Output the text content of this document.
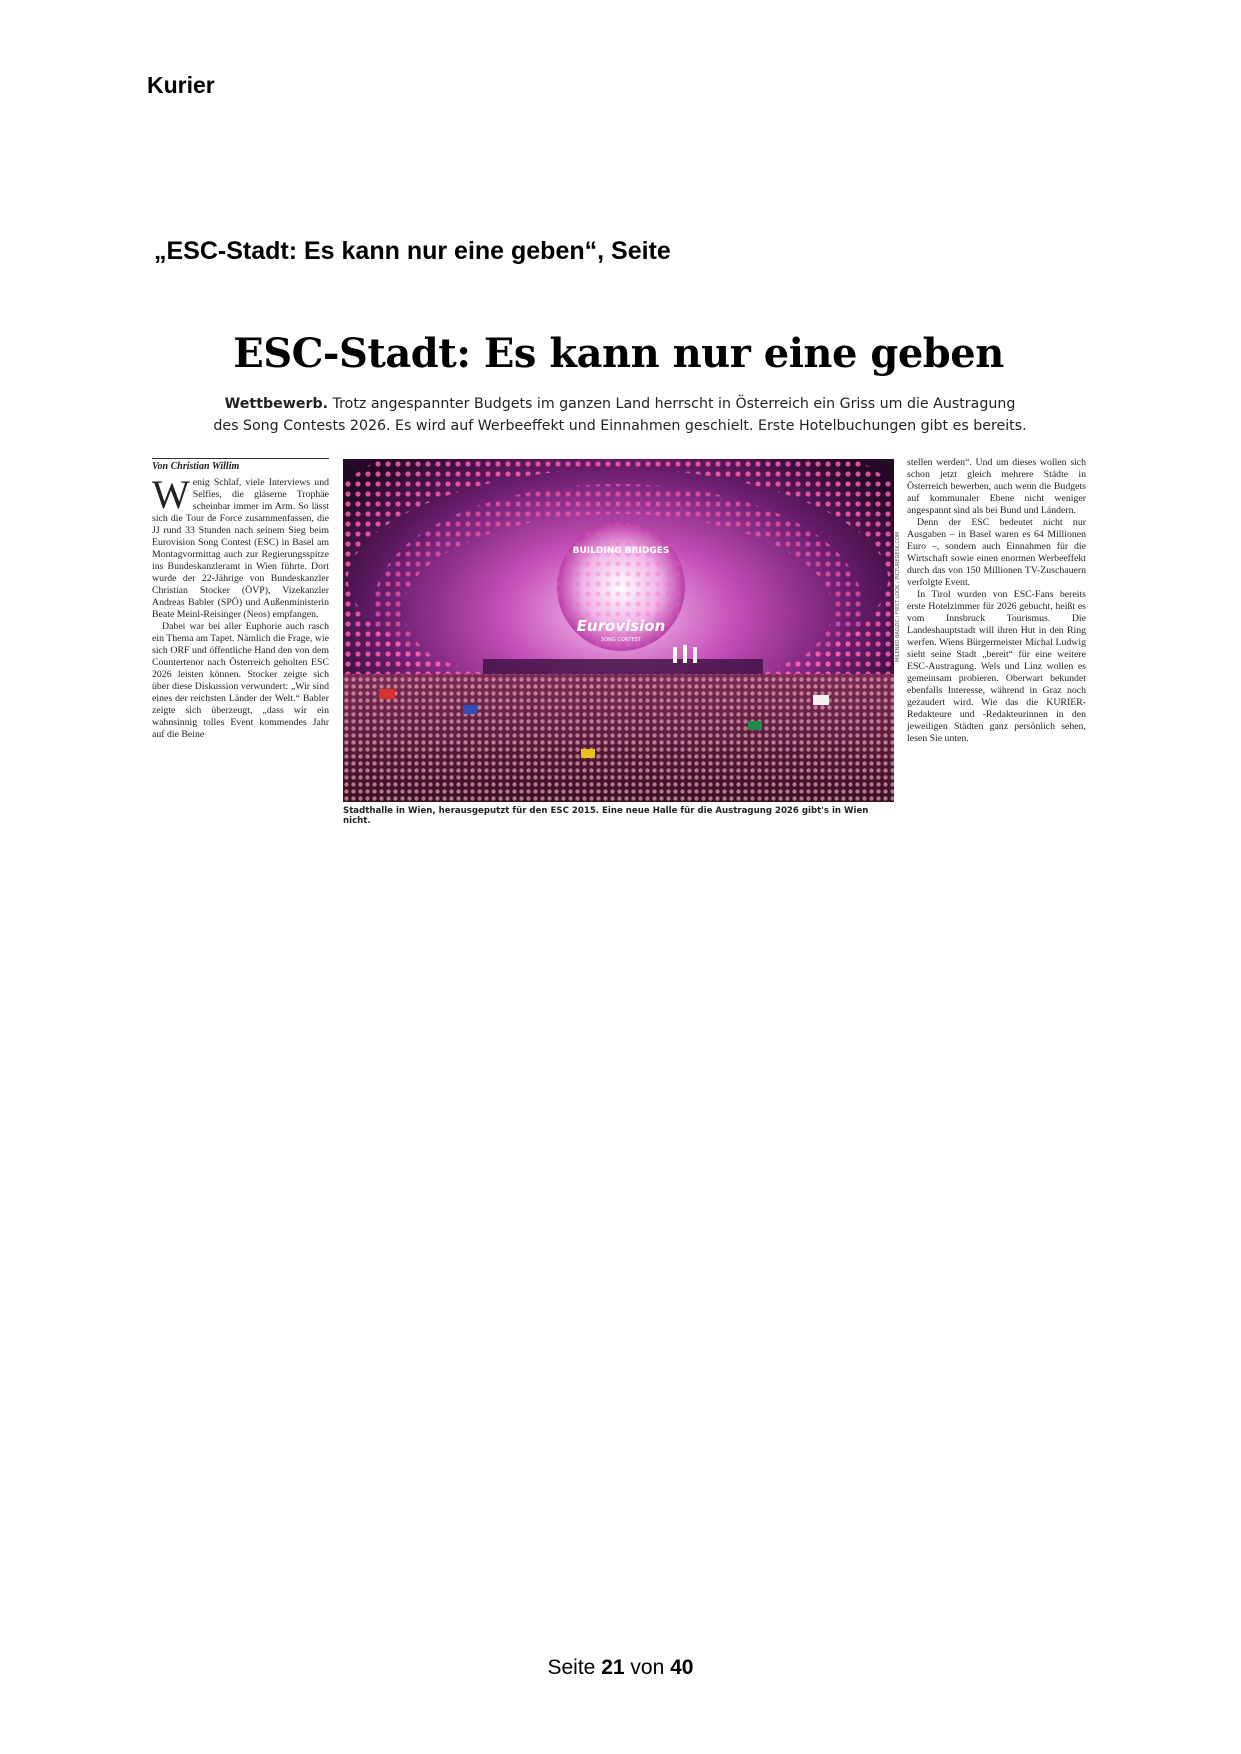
Kurier
„ESC-Stadt: Es kann nur eine geben“, Seite
ESC-Stadt: Es kann nur eine geben
Wettbewerb. Trotz angespannter Budgets im ganzen Land herrscht in Österreich ein Griss um die Austragung des Song Contests 2026. Es wird auf Werbeeffekt und Einnahmen geschielt. Erste Hotelbuchungen gibt es bereits.
Von Christian Willim
W enig Schlaf, viele Interviews und Selfies, die gläserne Trophäe scheinbar immer im Arm. So lässt sich die Tour de Force zusammenfassen, die JJ rund 33 Stunden nach seinem Sieg beim Eurovision Song Contest (ESC) in Basel am Montagvormittag auch zur Regierungsspitze ins Bundeskanzleramt in Wien führte. Dort wurde der 22-Jährige von Bundeskanzler Christian Stocker (ÖVP), Vizekanzler Andreas Babler (SPÖ) und Außenministerin Beate Meinl-Reisinger (Neos) empfangen.

Dabei war bei aller Euphorie auch rasch ein Thema am Tapet. Nämlich die Frage, wie sich ORF und öffentliche Hand den von dem Countertenor nach Österreich geholten ESC 2026 leisten können. Stocker zeigte sich über diese Diskussion verwundert: „Wir sind eines der reichsten Länder der Welt.“ Babler zeigte sich überzeugt, „dass wir ein wahnsinnig tolles Event kommendes Jahr auf die Beine

BUILDING BRIDGES
Eurovision
SONG CONTEST
Stadthalle in Wien, herausgeputzt für den ESC 2015. Eine neue Halle für die Austragung 2026 gibt's in Wien nicht.
MILENKO BADZIC / FIRST LOOK / PICTUREDESK.COM

stellen werden“. Und um dieses wollen sich schon jetzt gleich mehrere Städte in Österreich bewerben, auch wenn die Budgets auf kommunaler Ebene nicht weniger angespannt sind als bei Bund und Ländern.

Denn der ESC bedeutet nicht nur Ausgaben – in Basel waren es 64 Millionen Euro –, sondern auch Einnahmen für die Wirtschaft sowie einen enormen Werbeeffekt durch das von 150 Millionen TV-Zuschauern verfolgte Event.

In Tirol wurden von ESC-Fans bereits erste Hotelzimmer für 2026 gebucht, heißt es vom Innsbruck Tourismus. Die Landeshauptstadt will ihren Hut in den Ring werfen. Wiens Bürgermeister Michal Ludwig sieht seine Stadt „bereit“ für eine weitere ESC-Austragung. Wels und Linz wollen es gemeinsam probieren. Oberwart bekundet ebenfalls Interesse, während in Graz noch gezaudert wird. Wie das die KURIER-Redakteure und -Redakteurinnen in den jeweiligen Städten ganz persönlich sehen, lesen Sie unten.

Seite 21 von 40
